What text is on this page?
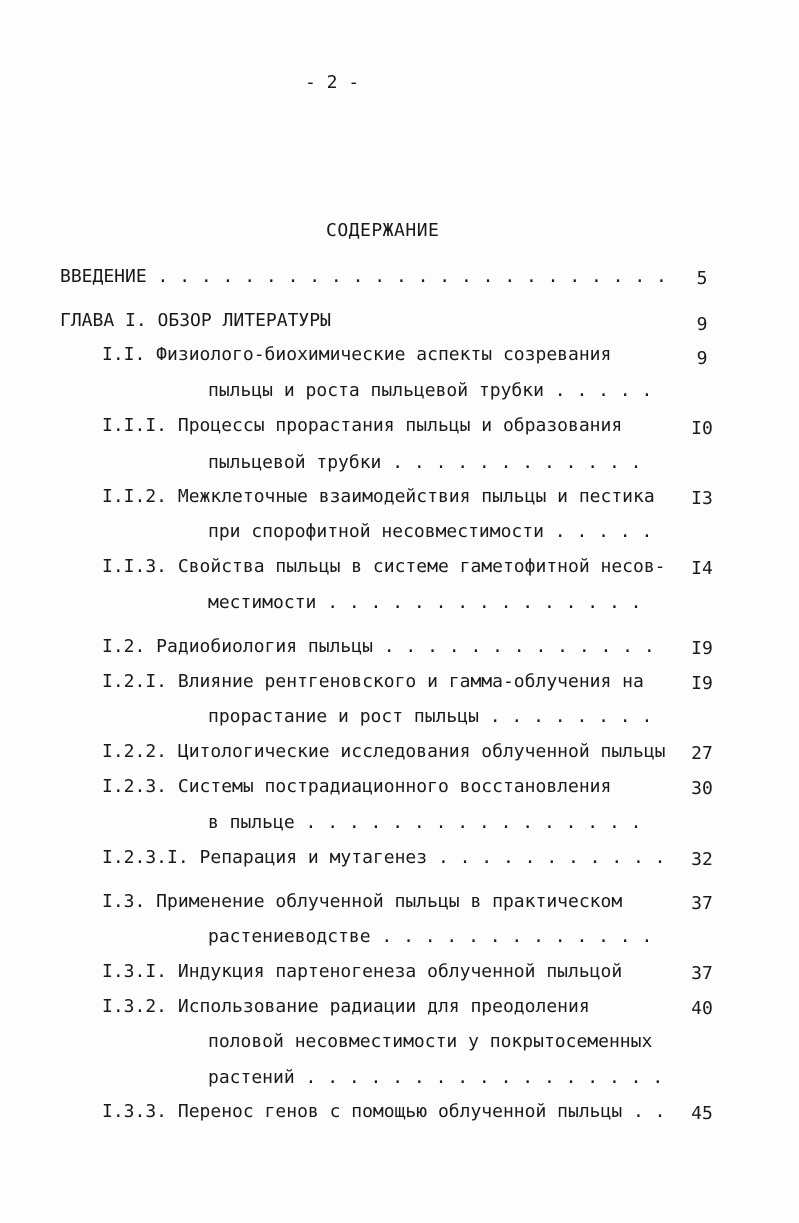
- 2 -
СОДЕРЖАНИЕ
ВВЕДЕНИЕ . . . . . . . . . . . . . . . . . . . . . . . .	5
ГЛАВА I. ОБЗОР ЛИТЕРАТУРЫ	9
I.I. Физиолого-биохимические аспекты созревания	9
пыльцы и роста пыльцевой трубки . . . . .
I.I.I. Процессы прорастания пыльцы и образования	I0
пыльцевой трубки . . . . . . . . . . . .
I.I.2. Межклеточные взаимодействия пыльцы и пестика	I3
при спорофитной несовместимости . . . . .
I.I.3. Свойства пыльцы в системе гаметофитной несов-	I4
местимости . . . . . . . . . . . . . . .
I.2. Радиобиология пыльцы . . . . . . . . . . . . .	I9
I.2.I. Влияние рентгеновского и гамма-облучения на	I9
прорастание и рост пыльцы . . . . . . . .
I.2.2. Цитологические исследования облученной пыльцы	27
I.2.3. Системы пострадиационного восстановления	30
в пыльце . . . . . . . . . . . . . . . .
I.2.3.I. Репарация и мутагенез . . . . . . . . . . .	32
I.3. Применение облученной пыльцы в практическом	37
растениеводстве . . . . . . . . . . . . .
I.3.I. Индукция партеногенеза облученной пыльцой	37
I.3.2. Использование радиации для преодоления	40
половой несовместимости у покрытосеменных
растений . . . . . . . . . . . . . . . . .
I.3.3. Перенос генов с помощью облученной пыльцы . .	45
